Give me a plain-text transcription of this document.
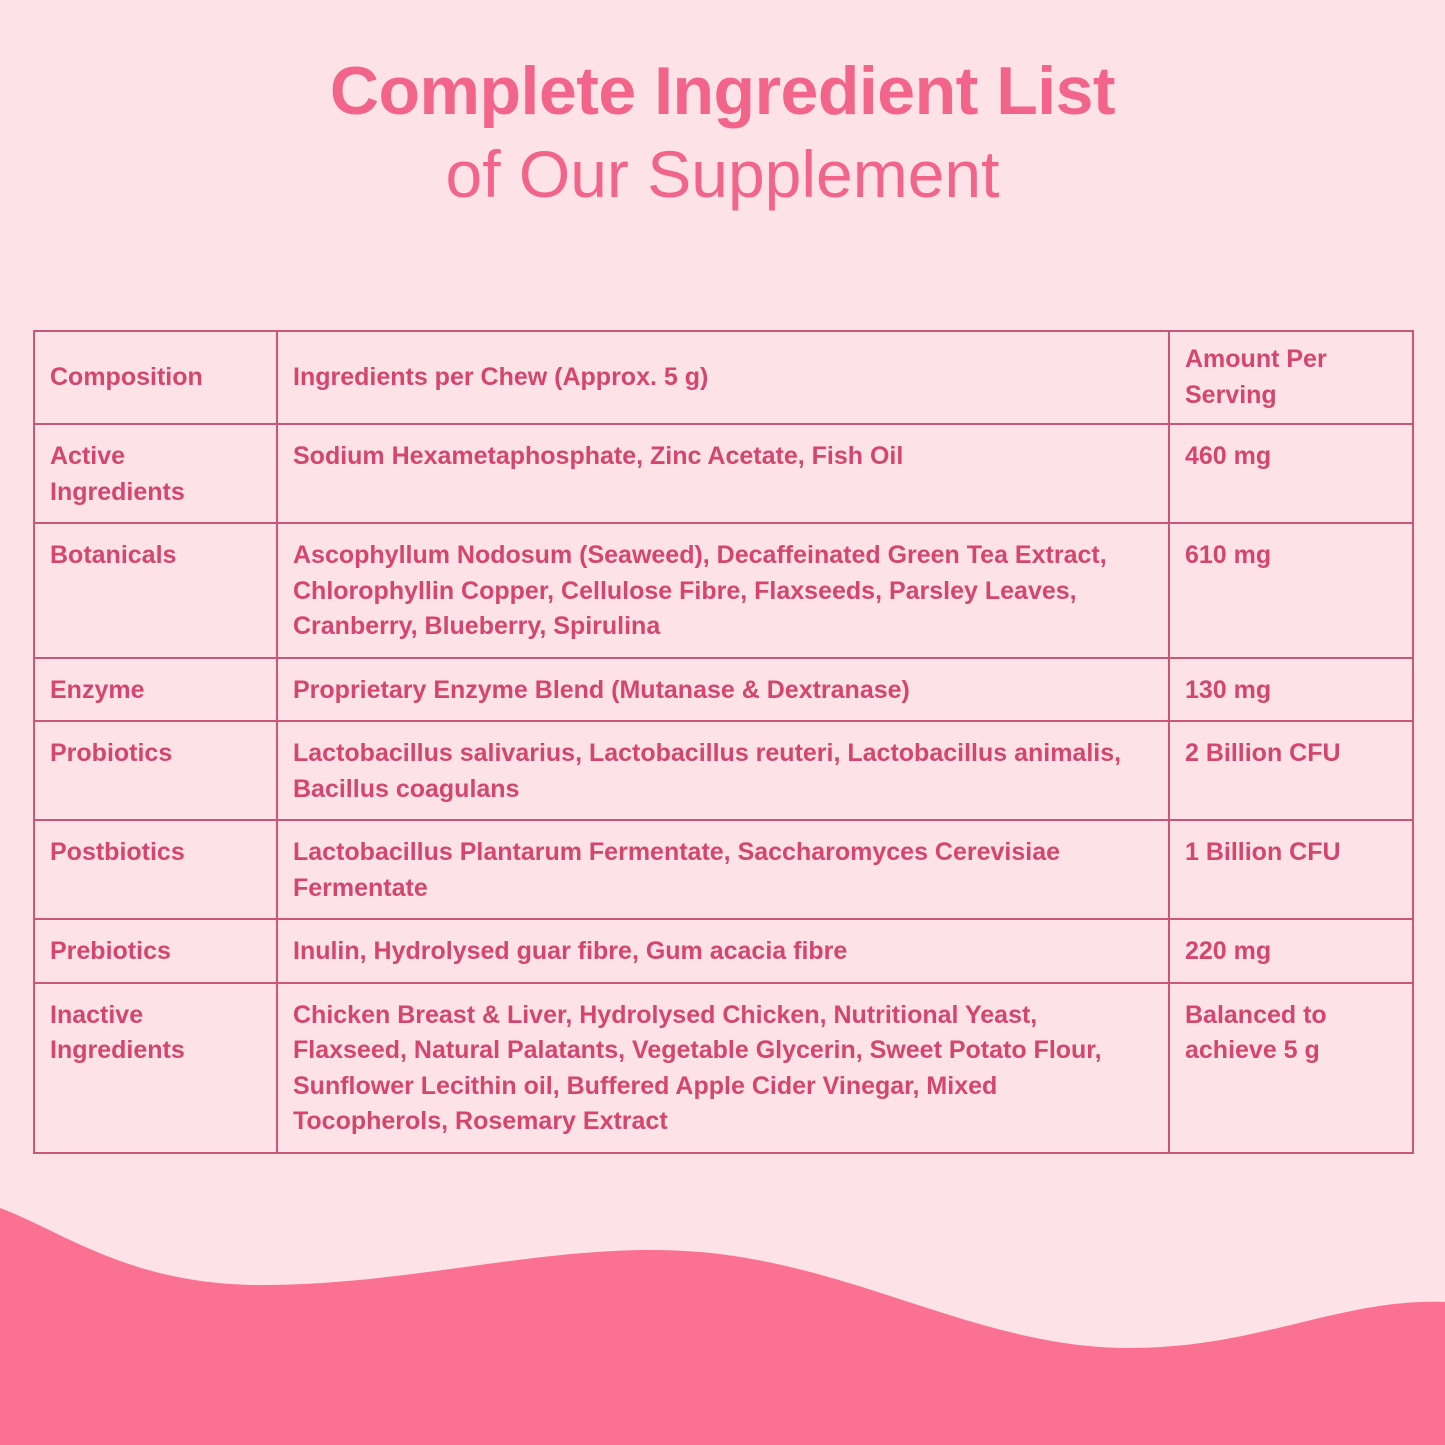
Complete Ingredient List
of Our Supplement
Composition	Ingredients per Chew (Approx. 5 g)	Amount Per Serving
Active Ingredients	Sodium Hexametaphosphate, Zinc Acetate, Fish Oil	460 mg
Botanicals	Ascophyllum Nodosum (Seaweed), Decaffeinated Green Tea Extract, Chlorophyllin Copper, Cellulose Fibre, Flaxseeds, Parsley Leaves, Cranberry, Blueberry, Spirulina	610 mg
Enzyme	Proprietary Enzyme Blend (Mutanase & Dextranase)	130 mg
Probiotics	Lactobacillus salivarius, Lactobacillus reuteri, Lactobacillus animalis, Bacillus coagulans	2 Billion CFU
Postbiotics	Lactobacillus Plantarum Fermentate, Saccharomyces Cerevisiae Fermentate	1 Billion CFU
Prebiotics	Inulin, Hydrolysed guar fibre, Gum acacia fibre	220 mg
Inactive Ingredients	Chicken Breast & Liver, Hydrolysed Chicken, Nutritional Yeast, Flaxseed, Natural Palatants, Vegetable Glycerin, Sweet Potato Flour, Sunflower Lecithin oil, Buffered Apple Cider Vinegar, Mixed Tocopherols, Rosemary Extract	Balanced to achieve 5 g
